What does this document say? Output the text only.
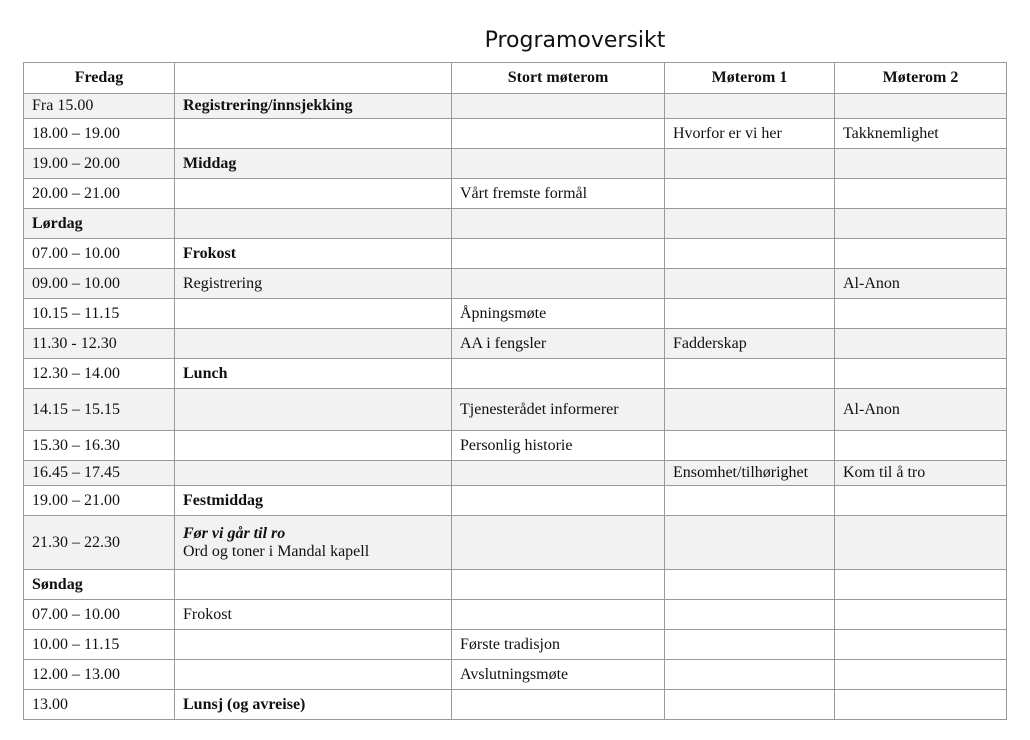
Programoversikt
Fredag		Stort møterom	Møterom 1	Møterom 2
Fra 15.00	Registrering/innsjekking			
18.00 – 19.00			Hvorfor er vi her	Takknemlighet
19.00 – 20.00	Middag			
20.00 – 21.00		Vårt fremste formål		
Lørdag				
07.00 – 10.00	Frokost			
09.00 – 10.00	Registrering			Al-Anon
10.15 – 11.15		Åpningsmøte		
11.30 - 12.30		AA i fengsler	Fadderskap	
12.30 – 14.00	Lunch			
14.15 – 15.15		Tjenesterådet informerer		Al-Anon
15.30 – 16.30		Personlig historie		
16.45 – 17.45			Ensomhet/tilhørighet	Kom til å tro
19.00 – 21.00	Festmiddag			
21.30 – 22.30	Før vi går til ro
Ord og toner i Mandal kapell			

Søndag				
07.00 – 10.00	Frokost			
10.00 – 11.15		Første tradisjon		
12.00 – 13.00		Avslutningsmøte		
13.00	Lunsj (og avreise)			
